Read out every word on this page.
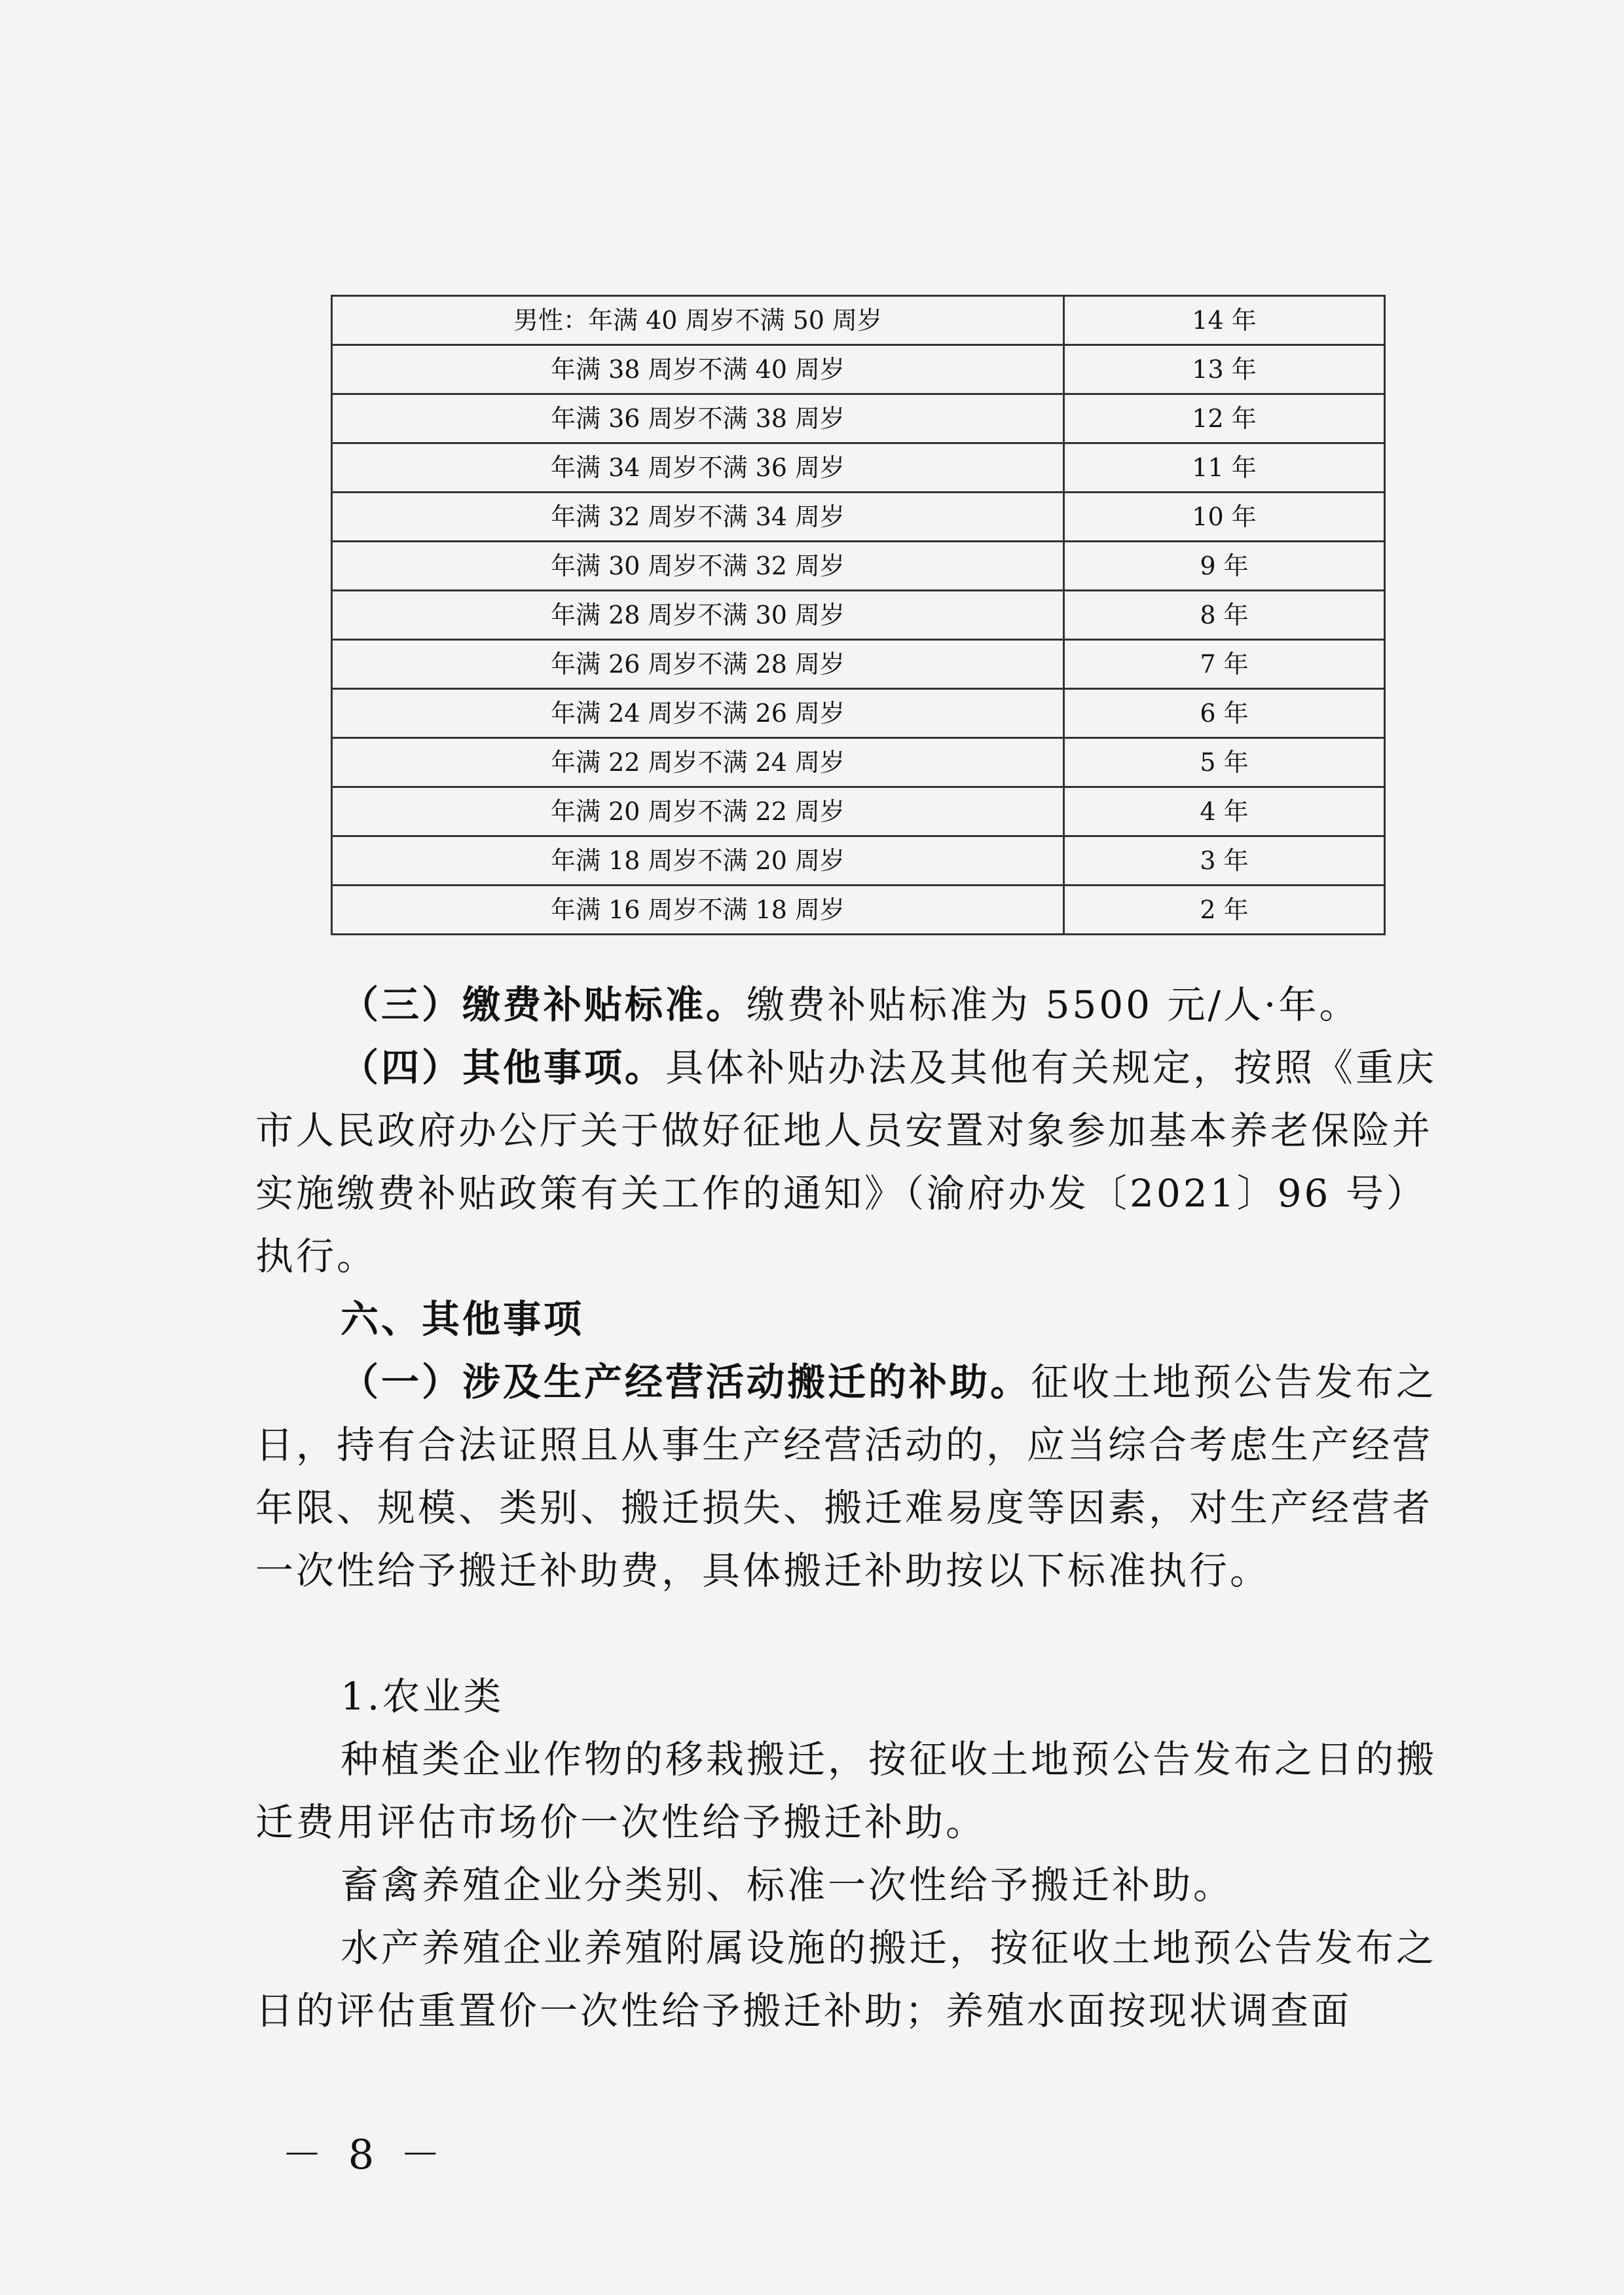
男性：年满 40 周岁不满 50 周岁	14 年
年满 38 周岁不满 40 周岁	13 年
年满 36 周岁不满 38 周岁	12 年
年满 34 周岁不满 36 周岁	11 年
年满 32 周岁不满 34 周岁	10 年
年满 30 周岁不满 32 周岁	9 年
年满 28 周岁不满 30 周岁	8 年
年满 26 周岁不满 28 周岁	7 年
年满 24 周岁不满 26 周岁	6 年
年满 22 周岁不满 24 周岁	5 年
年满 20 周岁不满 22 周岁	4 年
年满 18 周岁不满 20 周岁	3 年
年满 16 周岁不满 18 周岁	2 年

（三）缴费补贴标准。缴费补贴标准为 5500 元/人·年。

（四）其他事项。具体补贴办法及其他有关规定，按照《重庆市人民政府办公厅关于做好征地人员安置对象参加基本养老保险并实施缴费补贴政策有关工作的通知》（渝府办发〔2021〕96 号）执行。

六、其他事项

（一）涉及生产经营活动搬迁的补助。征收土地预公告发布之日，持有合法证照且从事生产经营活动的，应当综合考虑生产经营年限、规模、类别、搬迁损失、搬迁难易度等因素，对生产经营者一次性给予搬迁补助费，具体搬迁补助按以下标准执行。

1.农业类

种植类企业作物的移栽搬迁，按征收土地预公告发布之日的搬迁费用评估市场价一次性给予搬迁补助。

畜禽养殖企业分类别、标准一次性给予搬迁补助。

水产养殖企业养殖附属设施的搬迁，按征收土地预公告发布之日的评估重置价一次性给予搬迁补助；养殖水面按现状调查面

－ 8 －
